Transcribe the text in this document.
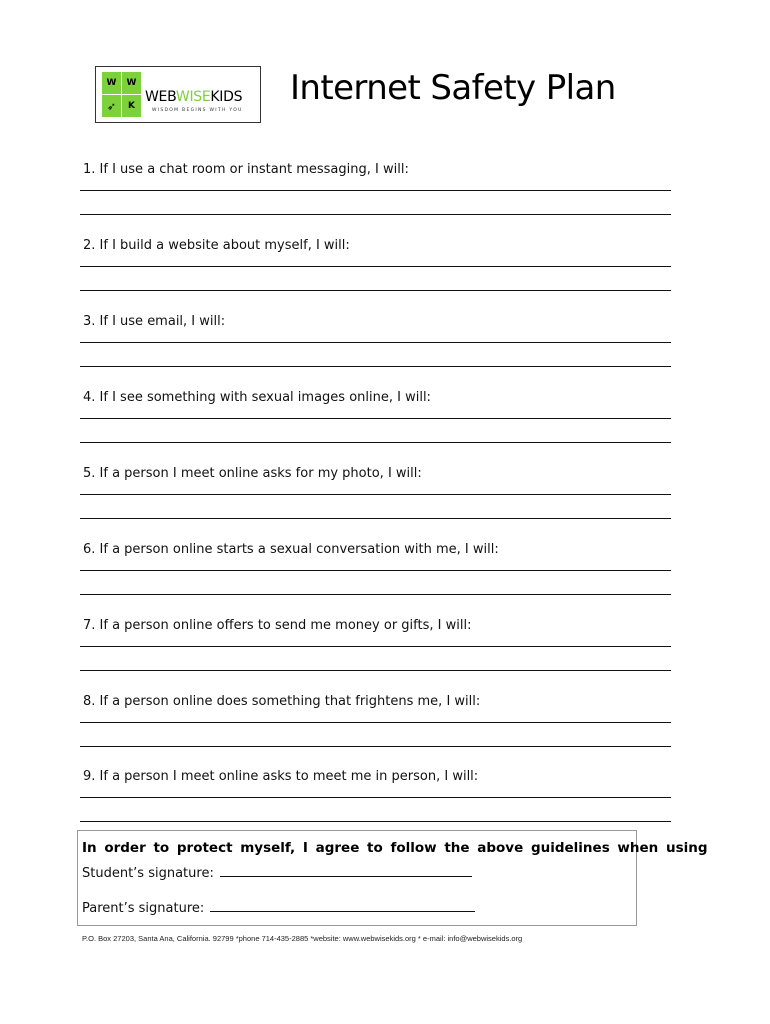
W	W
➶	K
WEBWISEKIDS
WISDOM BEGINS WITH YOU
Internet Safety Plan
1. If I use a chat room or instant messaging, I will:
2. If I build a website about myself, I will:
3. If I use email, I will:
4. If I see something with sexual images online, I will:
5. If a person I meet online asks for my photo, I will:
6. If a person online starts a sexual conversation with me, I will:
7. If a person online offers to send me money or gifts, I will:
8. If a person online does something that frightens me, I will:
9. If a person I meet online asks to meet me in person, I will:
In order to protect myself, I agree to follow the above guidelines when using
Student’s signature:
Parent’s signature:
P.O. Box 27203, Santa Ana, California. 92799 *phone 714-435-2885 *website: www.webwisekids.org * e-mail: info@webwisekids.org
